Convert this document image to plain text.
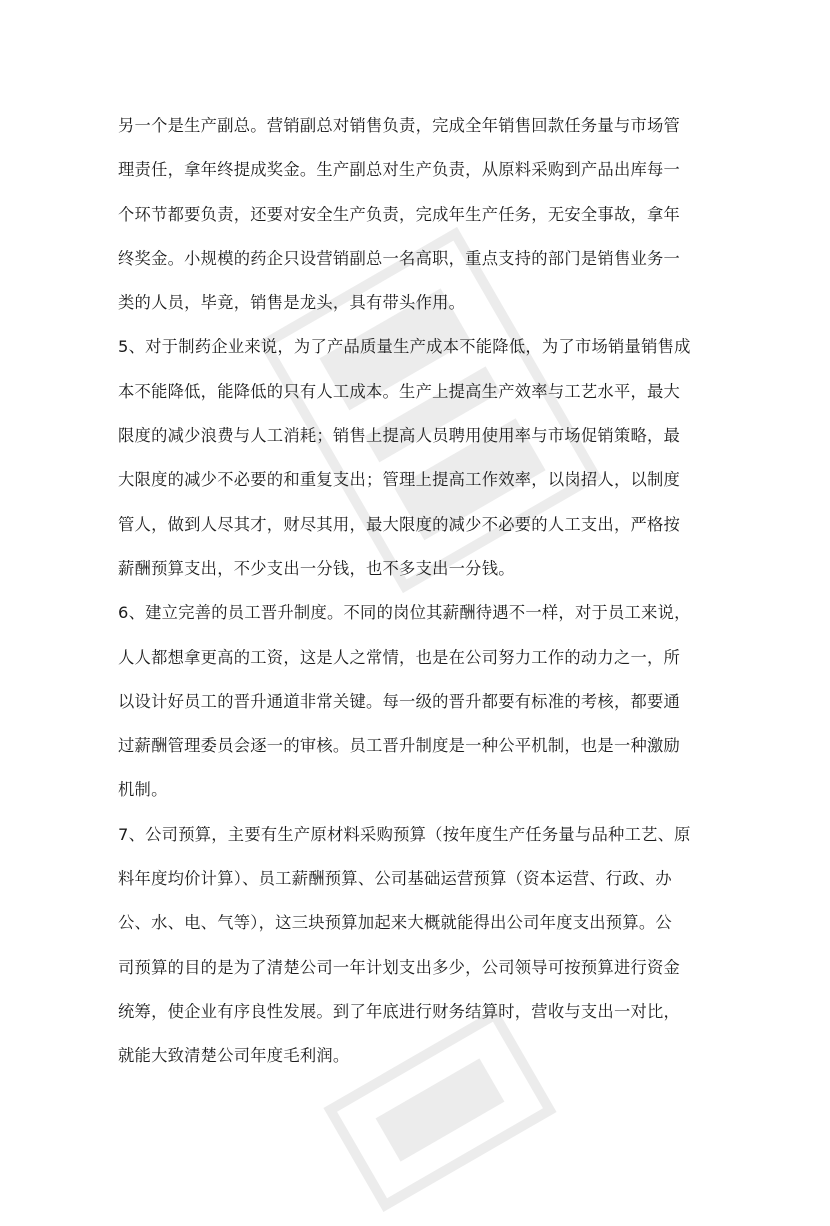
另一个是生产副总。营销副总对销售负责，完成全年销售回款任务量与市场管
理责任，拿年终提成奖金。生产副总对生产负责，从原料采购到产品出库每一
个环节都要负责，还要对安全生产负责，完成年生产任务，无安全事故，拿年
终奖金。小规模的药企只设营销副总一名高职，重点支持的部门是销售业务一
类的人员，毕竟，销售是龙头，具有带头作用。
5、对于制药企业来说，为了产品质量生产成本不能降低，为了市场销量销售成
本不能降低，能降低的只有人工成本。生产上提高生产效率与工艺水平，最大
限度的减少浪费与人工消耗；销售上提高人员聘用使用率与市场促销策略，最
大限度的减少不必要的和重复支出；管理上提高工作效率，以岗招人，以制度
管人，做到人尽其才，财尽其用，最大限度的减少不必要的人工支出，严格按
薪酬预算支出，不少支出一分钱，也不多支出一分钱。
6、建立完善的员工晋升制度。不同的岗位其薪酬待遇不一样，对于员工来说，
人人都想拿更高的工资，这是人之常情，也是在公司努力工作的动力之一，所
以设计好员工的晋升通道非常关键。每一级的晋升都要有标准的考核，都要通
过薪酬管理委员会逐一的审核。员工晋升制度是一种公平机制，也是一种激励
机制。
7、公司预算，主要有生产原材料采购预算（按年度生产任务量与品种工艺、原
料年度均价计算）、员工薪酬预算、公司基础运营预算（资本运营、行政、办
公、水、电、气等），这三块预算加起来大概就能得出公司年度支出预算。公
司预算的目的是为了清楚公司一年计划支出多少，公司领导可按预算进行资金
统筹，使企业有序良性发展。到了年底进行财务结算时，营收与支出一对比，
就能大致清楚公司年度毛利润。
